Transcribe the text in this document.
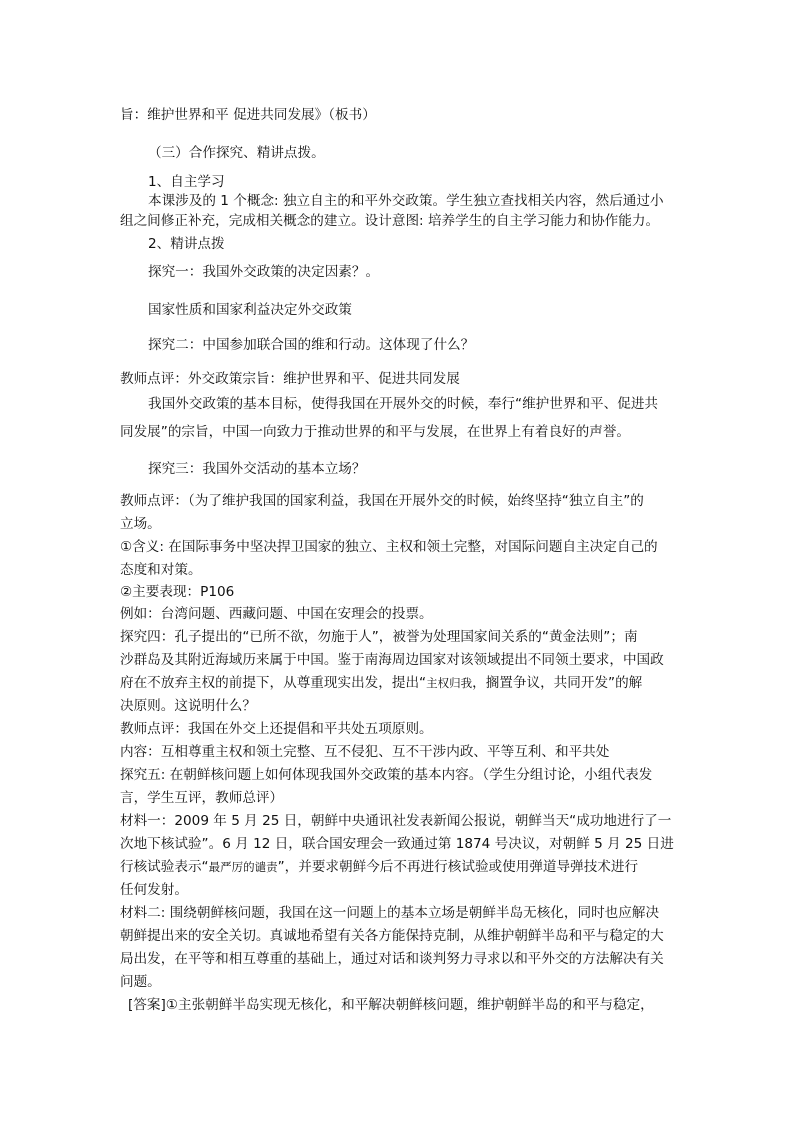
旨：维护世界和平 促进共同发展》（板书）
（三）合作探究、精讲点拨。
1、自主学习
本课涉及的 1 个概念: 独立自主的和平外交政策。学生独立查找相关内容，然后通过小
组之间修正补充，完成相关概念的建立。设计意图: 培养学生的自主学习能力和协作能力。
2、精讲点拨
探究一：我国外交政策的决定因素？。
国家性质和国家利益决定外交政策
探究二：中国参加联合国的维和行动。这体现了什么？
教师点评：外交政策宗旨：维护世界和平、促进共同发展
我国外交政策的基本目标，使得我国在开展外交的时候，奉行“维护世界和平、促进共
同发展”的宗旨，中国一向致力于推动世界的和平与发展，在世界上有着良好的声誉。
探究三：我国外交活动的基本立场？
教师点评：（为了维护我国的国家利益，我国在开展外交的时候，始终坚持“独立自主”的
立场。
①含义: 在国际事务中坚决捍卫国家的独立、主权和领土完整，对国际问题自主决定自己的
态度和对策。
②主要表现：P106
例如：台湾问题、西藏问题、中国在安理会的投票。
探究四：孔子提出的“已所不欲，勿施于人”，被誉为处理国家间关系的“黄金法则”；南
沙群岛及其附近海域历来属于中国。鉴于南海周边国家对该领域提出不同领土要求，中国政
府在不放弃主权的前提下，从尊重现实出发，提出“主权归我，搁置争议，共同开发”的解
决原则。这说明什么？
教师点评：我国在外交上还提倡和平共处五项原则。
内容：互相尊重主权和领土完整、互不侵犯、互不干涉内政、平等互利、和平共处
探究五: 在朝鲜核问题上如何体现我国外交政策的基本内容。（学生分组讨论，小组代表发
言，学生互评，教师总评）
材料一：2009 年 5 月 25 日，朝鲜中央通讯社发表新闻公报说，朝鲜当天“成功地进行了一
次地下核试验”。6 月 12 日，联合国安理会一致通过第 1874 号决议，对朝鲜 5 月 25 日进
行核试验表示“最严厉的谴责”，并要求朝鲜今后不再进行核试验或使用弹道导弹技术进行
任何发射。
材料二: 围绕朝鲜核问题，我国在这一问题上的基本立场是朝鲜半岛无核化，同时也应解决
朝鲜提出来的安全关切。真诚地希望有关各方能保持克制，从维护朝鲜半岛和平与稳定的大
局出发，在平等和相互尊重的基础上，通过对话和谈判努力寻求以和平外交的方法解决有关
问题。
[答案]①主张朝鲜半岛实现无核化，和平解决朝鲜核问题，维护朝鲜半岛的和平与稳定，
